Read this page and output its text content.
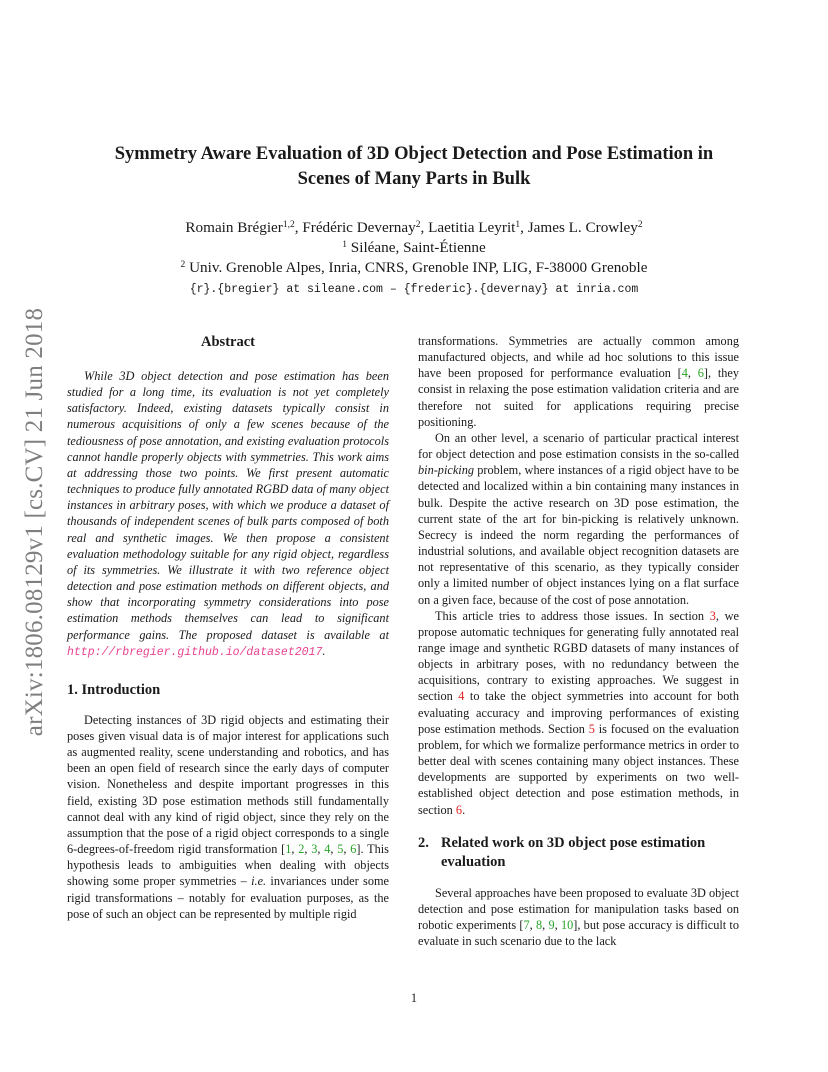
arXiv:1806.08129v1 [cs.CV] 21 Jun 2018
Symmetry Aware Evaluation of 3D Object Detection and Pose Estimation in
Scenes of Many Parts in Bulk
Romain Brégier$^{1,2}$, Frédéric Devernay$^2$, Laetitia Leyrit$^1$, James L. Crowley$^2$
$^1$ Siléane, Saint-Étienne
$^2$ Univ. Grenoble Alpes, Inria, CNRS, Grenoble INP, LIG, F-38000 Grenoble
{r}.{bregier} at sileane.com – {frederic}.{devernay} at inria.com
Abstract

While 3D object detection and pose estimation has been studied for a long time, its evaluation is not yet completely satisfactory. Indeed, existing datasets typically consist in numerous acquisitions of only a few scenes because of the tediousness of pose annotation, and existing evaluation protocols cannot handle properly objects with symmetries. This work aims at addressing those two points. We first present automatic techniques to produce fully annotated RGBD data of many object instances in arbitrary poses, with which we produce a dataset of thousands of independent scenes of bulk parts composed of both real and synthetic images. We then propose a consistent evaluation methodology suitable for any rigid object, regardless of its symmetries. We illustrate it with two reference object detection and pose estimation methods on different objects, and show that incorporating symmetry considerations into pose estimation methods themselves can lead to significant performance gains. The proposed dataset is available at http://rbregier.github.io/dataset2017.

1. Introduction

Detecting instances of 3D rigid objects and estimating their poses given visual data is of major interest for applications such as augmented reality, scene understanding and robotics, and has been an open field of research since the early days of computer vision. Nonetheless and despite important progresses in this field, existing 3D pose estimation methods still fundamentally cannot deal with any kind of rigid object, since they rely on the assumption that the pose of a rigid object corresponds to a single 6-degrees-of-freedom rigid transformation [1, 2, 3, 4, 5, 6]. This hypothesis leads to ambiguities when dealing with objects showing some proper symmetries – i.e. invariances under some rigid transformations – notably for evaluation purposes, as the pose of such an object can be represented by multiple rigid

transformations. Symmetries are actually common among manufactured objects, and while ad hoc solutions to this issue have been proposed for performance evaluation [4, 6], they consist in relaxing the pose estimation validation criteria and are therefore not suited for applications requiring precise positioning.

On an other level, a scenario of particular practical interest for object detection and pose estimation consists in the so-called bin-picking problem, where instances of a rigid object have to be detected and localized within a bin containing many instances in bulk. Despite the active research on 3D pose estimation, the current state of the art for bin-picking is relatively unknown. Secrecy is indeed the norm regarding the performances of industrial solutions, and available object recognition datasets are not representative of this scenario, as they typically consider only a limited number of object instances lying on a flat surface on a given face, because of the cost of pose annotation.

This article tries to address those issues. In section 3, we propose automatic techniques for generating fully annotated real range image and synthetic RGBD datasets of many instances of objects in arbitrary poses, with no redundancy between the acquisitions, contrary to existing approaches. We suggest in section 4 to take the object symmetries into account for both evaluating accuracy and improving performances of existing pose estimation methods. Section 5 is focused on the evaluation problem, for which we formalize performance metrics in order to better deal with scenes containing many object instances. These developments are supported by experiments on two well-established object detection and pose estimation methods, in section 6.

2. Related work on 3D object pose estimation evaluation

Several approaches have been proposed to evaluate 3D object detection and pose estimation for manipulation tasks based on robotic experiments [7, 8, 9, 10], but pose accuracy is difficult to evaluate in such scenario due to the lack

1
